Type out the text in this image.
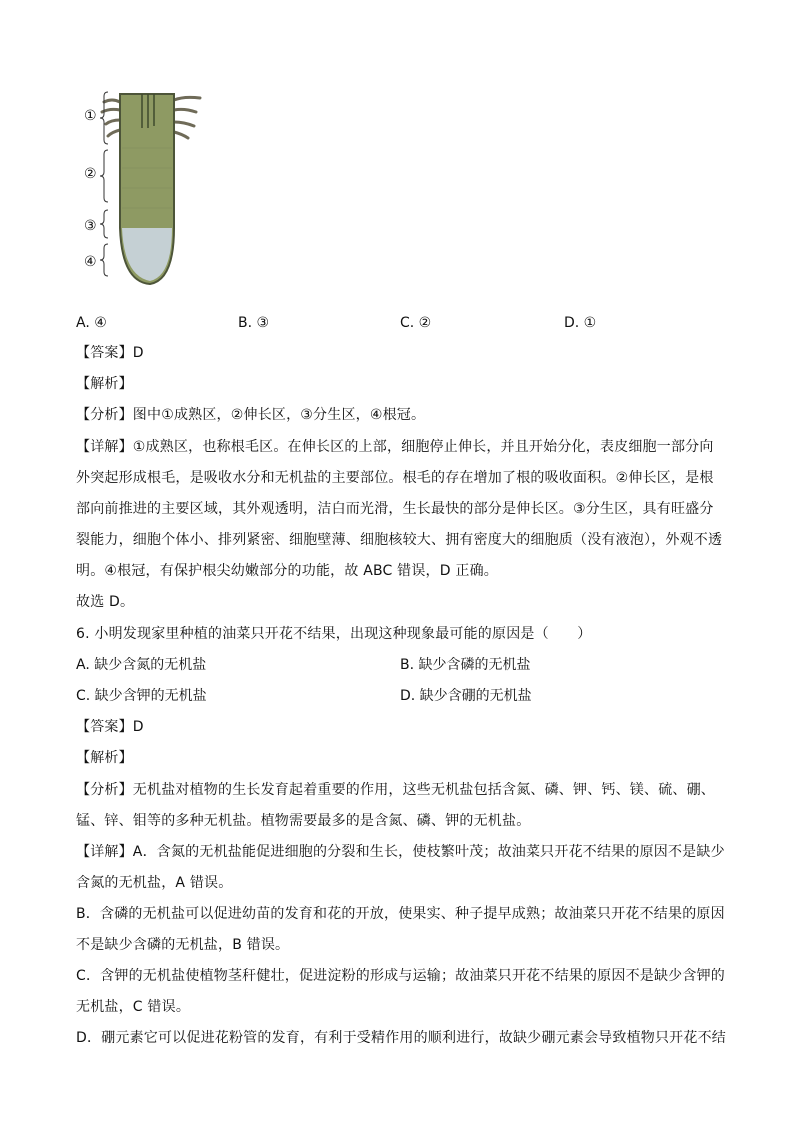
①
②
③
④
A. ④	B. ③	C. ②	D. ①
【答案】D
【解析】
【分析】图中①成熟区，②伸长区，③分生区，④根冠。
【详解】①成熟区，也称根毛区。在伸长区的上部，细胞停止伸长，并且开始分化，表皮细胞一部分向
外突起形成根毛，是吸收水分和无机盐的主要部位。根毛的存在增加了根的吸收面积。②伸长区，是根
部向前推进的主要区域，其外观透明，洁白而光滑，生长最快的部分是伸长区。③分生区，具有旺盛分
裂能力，细胞个体小、排列紧密、细胞壁薄、细胞核较大、拥有密度大的细胞质（没有液泡），外观不透
明。④根冠，有保护根尖幼嫩部分的功能，故 ABC 错误，D 正确。
故选 D。
6. 小明发现家里种植的油菜只开花不结果，出现这种现象最可能的原因是（　　）
A. 缺少含氮的无机盐	B. 缺少含磷的无机盐
C. 缺少含钾的无机盐	D. 缺少含硼的无机盐
【答案】D
【解析】
【分析】无机盐对植物的生长发育起着重要的作用，这些无机盐包括含氮、磷、钾、钙、镁、硫、硼、
锰、锌、钼等的多种无机盐。植物需要最多的是含氮、磷、钾的无机盐。
【详解】A．含氮的无机盐能促进细胞的分裂和生长，使枝繁叶茂；故油菜只开花不结果的原因不是缺少
含氮的无机盐，A 错误。
B．含磷的无机盐可以促进幼苗的发育和花的开放，使果实、种子提早成熟；故油菜只开花不结果的原因
不是缺少含磷的无机盐，B 错误。
C．含钾的无机盐使植物茎秆健壮，促进淀粉的形成与运输；故油菜只开花不结果的原因不是缺少含钾的
无机盐，C 错误。
D．硼元素它可以促进花粉管的发育，有利于受精作用的顺利进行，故缺少硼元素会导致植物只开花不结
